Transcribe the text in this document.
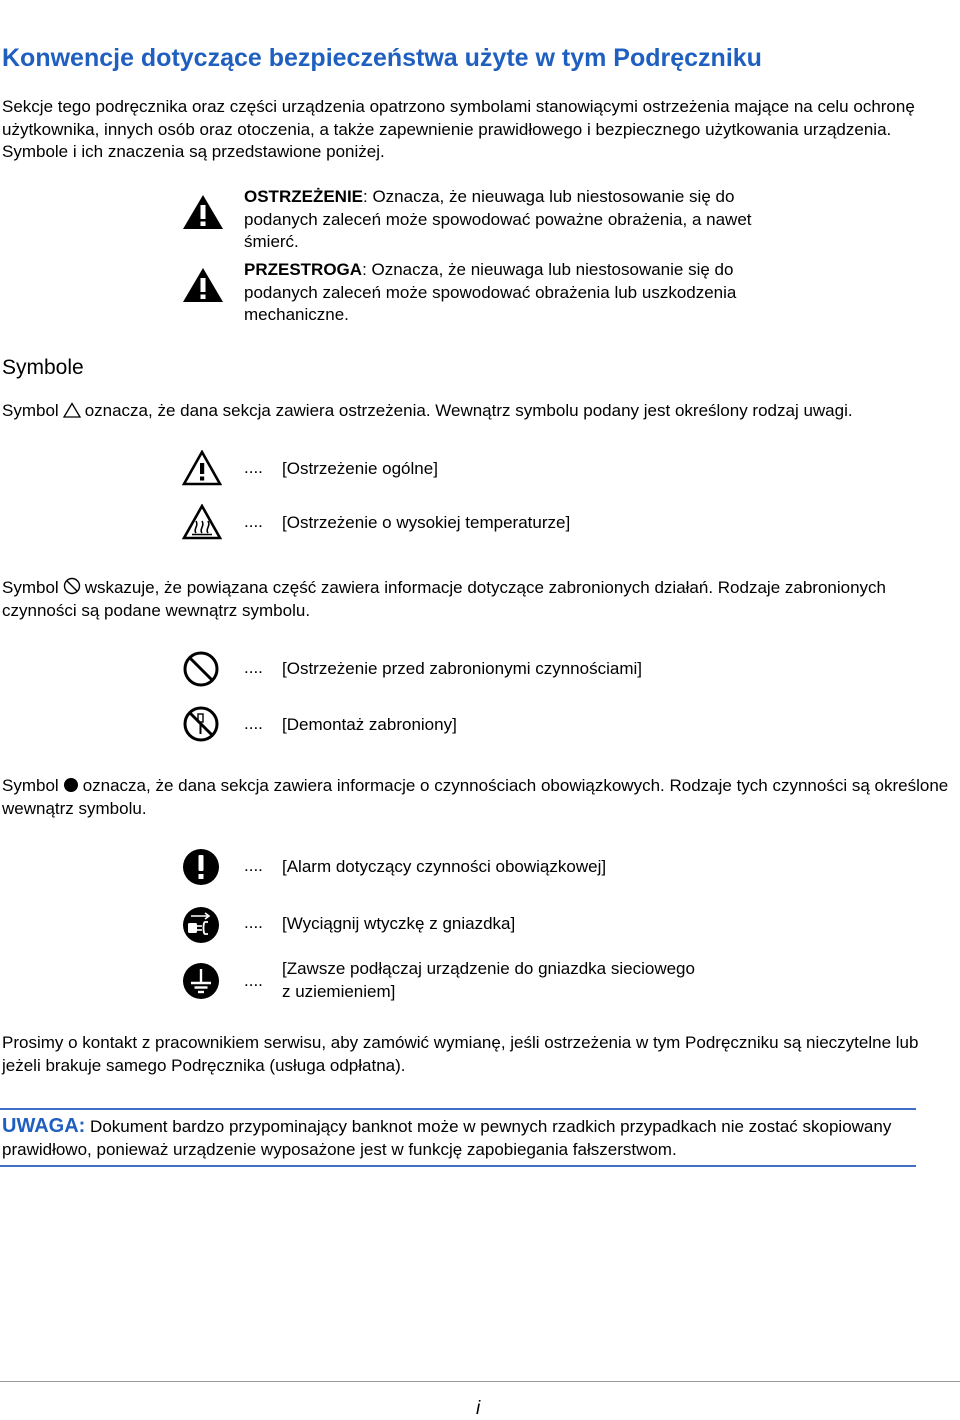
Konwencje dotyczące bezpieczeństwa użyte w tym Podręczniku
Sekcje tego podręcznika oraz części urządzenia opatrzono symbolami stanowiącymi ostrzeżenia mające na celu ochronę użytkownika, innych osób oraz otoczenia, a także zapewnienie prawidłowego i bezpiecznego użytkowania urządzenia. Symbole i ich znaczenia są przedstawione poniżej.
OSTRZEŻENIE: Oznacza, że nieuwaga lub niestosowanie się do podanych zaleceń może spowodować poważne obrażenia, a nawet śmierć.
PRZESTROGA: Oznacza, że nieuwaga lub niestosowanie się do podanych zaleceń może spowodować obrażenia lub uszkodzenia mechaniczne.
Symbole
Symbol oznacza, że dana sekcja zawiera ostrzeżenia. Wewnątrz symbolu podany jest określony rodzaj uwagi.
.... [Ostrzeżenie ogólne]
.... [Ostrzeżenie o wysokiej temperaturze]
Symbol wskazuje, że powiązana część zawiera informacje dotyczące zabronionych działań. Rodzaje zabronionych czynności są podane wewnątrz symbolu.
.... [Ostrzeżenie przed zabronionymi czynnościami]
.... [Demontaż zabroniony]
Symbol oznacza, że dana sekcja zawiera informacje o czynnościach obowiązkowych. Rodzaje tych czynności są określone wewnątrz symbolu.
.... [Alarm dotyczący czynności obowiązkowej]
.... [Wyciągnij wtyczkę z gniazdka]
....
[Zawsze podłączaj urządzenie do gniazdka sieciowego
z uziemieniem]
Prosimy o kontakt z pracownikiem serwisu, aby zamówić wymianę, jeśli ostrzeżenia w tym Podręczniku są nieczytelne lub jeżeli brakuje samego Podręcznika (usługa odpłatna).
UWAGA: Dokument bardzo przypominający banknot może w pewnych rzadkich przypadkach nie zostać skopiowany prawidłowo, ponieważ urządzenie wyposażone jest w funkcję zapobiegania fałszerstwom.
i
